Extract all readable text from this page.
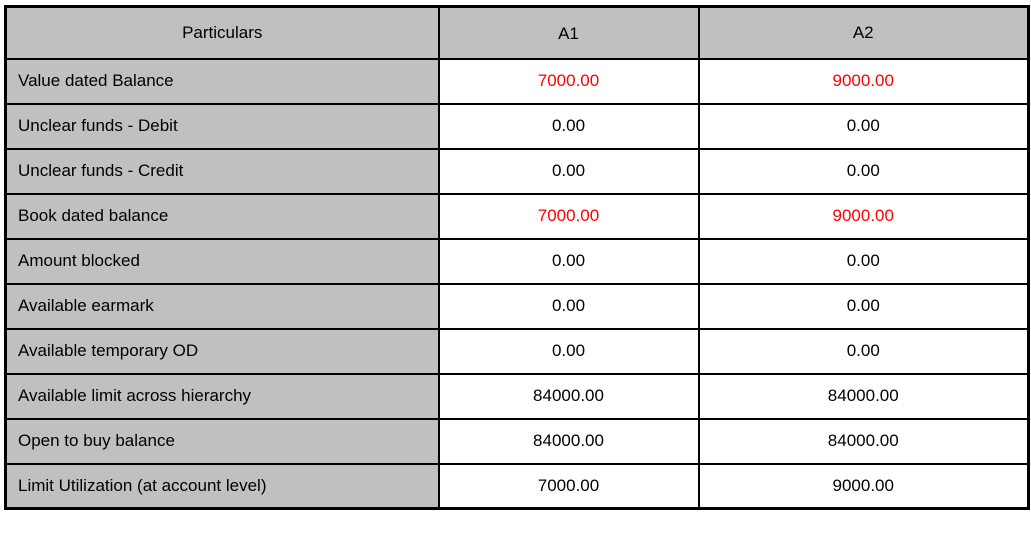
Particulars	A1	A2
Value dated Balance	7000.00	9000.00
Unclear funds - Debit	0.00	0.00
Unclear funds - Credit	0.00	0.00
Book dated balance	7000.00	9000.00
Amount blocked	0.00	0.00
Available earmark	0.00	0.00
Available temporary OD	0.00	0.00
Available limit across hierarchy	84000.00	84000.00
Open to buy balance	84000.00	84000.00
Limit Utilization (at account level)	7000.00	9000.00
